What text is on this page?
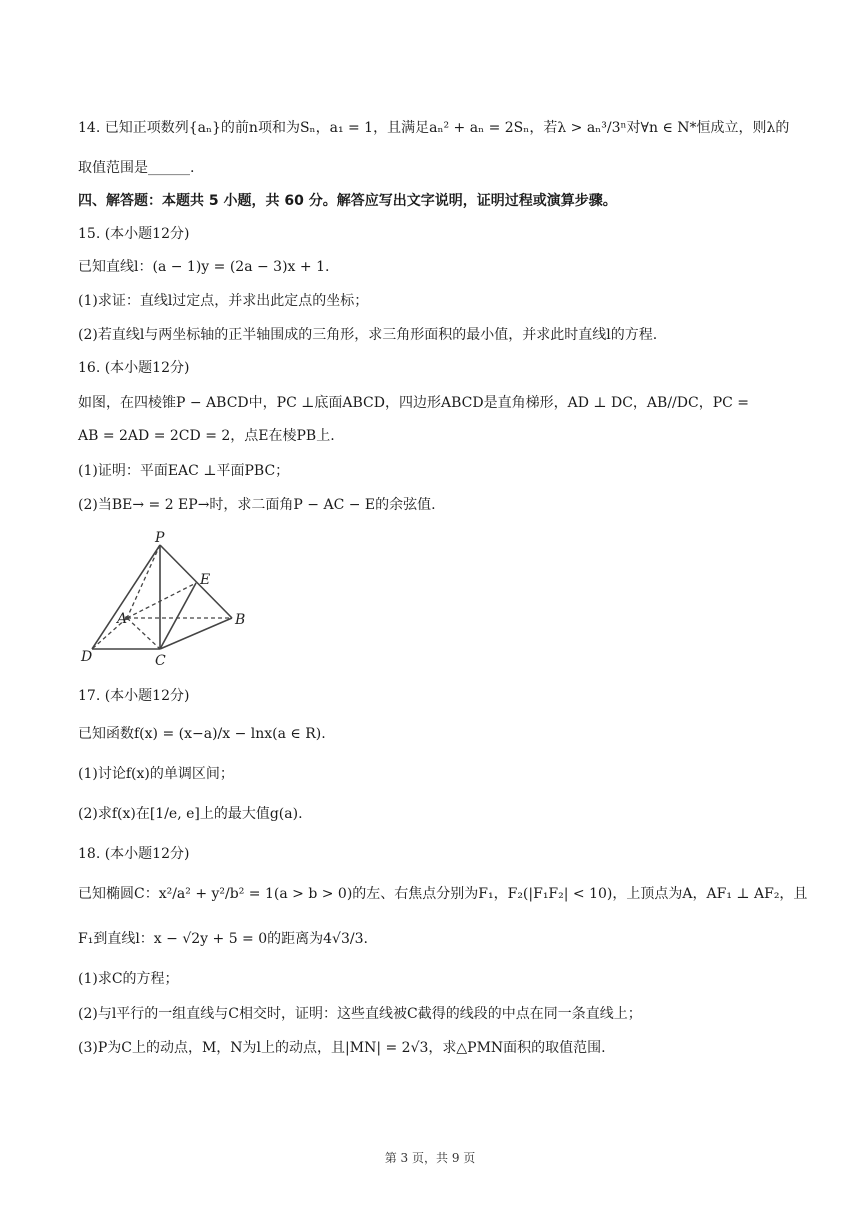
14. 已知正项数列{aₙ}的前n项和为Sₙ，a₁ = 1，且满足aₙ² + aₙ = 2Sₙ，若λ > aₙ³/3ⁿ对∀n ∈ N*恒成立，则λ的
取值范围是______.
四、解答题：本题共 5 小题，共 60 分。解答应写出文字说明，证明过程或演算步骤。
15. (本小题12分)
已知直线l：(a − 1)y = (2a − 3)x + 1.
(1)求证：直线l过定点，并求出此定点的坐标；
(2)若直线l与两坐标轴的正半轴围成的三角形，求三角形面积的最小值，并求此时直线l的方程.
16. (本小题12分)
如图，在四棱锥P − ABCD中，PC ⊥底面ABCD，四边形ABCD是直角梯形，AD ⊥ DC，AB//DC，PC =
AB = 2AD = 2CD = 2，点E在棱PB上.
(1)证明：平面EAC ⊥平面PBC；
(2)当BE→ = 2 EP→时，求二面角P − AC − E的余弦值.
P
E
A	B
C
D
17. (本小题12分)
已知函数f(x) = (x−a)/x − lnx(a ∈ R).
(1)讨论f(x)的单调区间；
(2)求f(x)在[1/e, e]上的最大值g(a).
18. (本小题12分)
已知椭圆C：x²/a² + y²/b² = 1(a > b > 0)的左、右焦点分别为F₁，F₂(|F₁F₂| < 10)，上顶点为A，AF₁ ⊥ AF₂，且
F₁到直线l：x − √2y + 5 = 0的距离为4√3/3.
(1)求C的方程；
(2)与l平行的一组直线与C相交时，证明：这些直线被C截得的线段的中点在同一条直线上；
(3)P为C上的动点，M，N为l上的动点，且|MN| = 2√3，求△PMN面积的取值范围.
第 3 页，共 9 页
